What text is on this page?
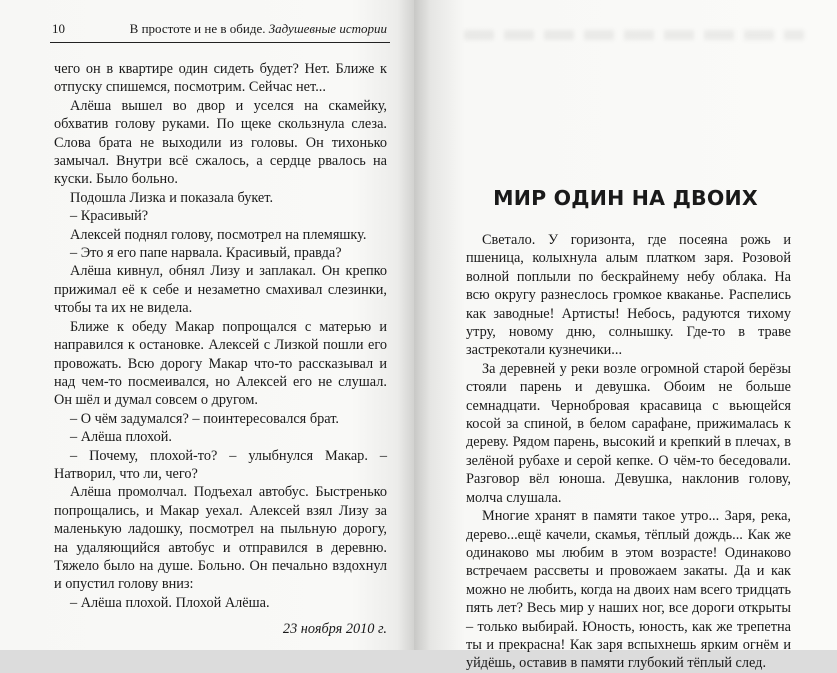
10	В простоте и не в обиде. Задушевные истории

чего он в квартире один сидеть будет? Нет. Ближе к отпуску спишемся, посмотрим. Сейчас нет...

Алёша вышел во двор и уселся на скамейку, обхватив голову руками. По щеке скользнула слеза. Слова брата не выходили из головы. Он тихонько замычал. Внутри всё сжалось, а сердце рвалось на куски. Было больно.

Подошла Лизка и показала букет.

– Красивый?

Алексей поднял голову, посмотрел на племяшку.

– Это я его папе нарвала. Красивый, правда?

Алёша кивнул, обнял Лизу и заплакал. Он крепко прижимал её к себе и незаметно смахивал слезинки, чтобы та их не видела.

Ближе к обеду Макар попрощался с матерью и направился к остановке. Алексей с Лизкой пошли его провожать. Всю дорогу Макар что-то рассказывал и над чем-то посмеивался, но Алексей его не слушал. Он шёл и думал совсем о другом.

– О чём задумался? – поинтересовался брат.

– Алёша плохой.

– Почему, плохой-то? – улыбнулся Макар. – Натворил, что ли, чего?

Алёша промолчал. Подъехал автобус. Быстренько попрощались, и Макар уехал. Алексей взял Лизу за маленькую ладошку, посмотрел на пыльную дорогу, на удаляющийся автобус и отправился в деревню. Тяжело было на душе. Больно. Он печально вздохнул и опустил голову вниз:

– Алёша плохой. Плохой Алёша.

23 ноября 2010 г.

МИР ОДИН НА ДВОИХ

Светало. У горизонта, где посеяна рожь и пшеница, колыхнула алым платком заря. Розовой волной поплыли по бескрайнему небу облака. На всю округу разнеслось громкое кваканье. Распелись как заводные! Артисты! Небось, радуются тихому утру, новому дню, солнышку. Где-то в траве застрекотали кузнечики...

За деревней у реки возле огромной старой берёзы стояли парень и девушка. Обоим не больше семнадцати. Чернобровая красавица с вьющейся косой за спиной, в белом сарафане, прижималась к дереву. Рядом парень, высокий и крепкий в плечах, в зелёной рубахе и серой кепке. О чём-то беседовали. Разговор вёл юноша. Девушка, наклонив голову, молча слушала.

Многие хранят в памяти такое утро... Заря, река, дерево...ещё качели, скамья, тёплый дождь... Как же одинаково мы любим в этом возрасте! Одинаково встречаем рассветы и провожаем закаты. Да и как можно не любить, когда на двоих нам всего тридцать пять лет? Весь мир у наших ног, все дороги открыты – только выбирай. Юность, юность, как же трепетна ты и прекрасна! Как заря вспыхнешь ярким огнём и уйдёшь, оставив в памяти глубокий тёплый след.
